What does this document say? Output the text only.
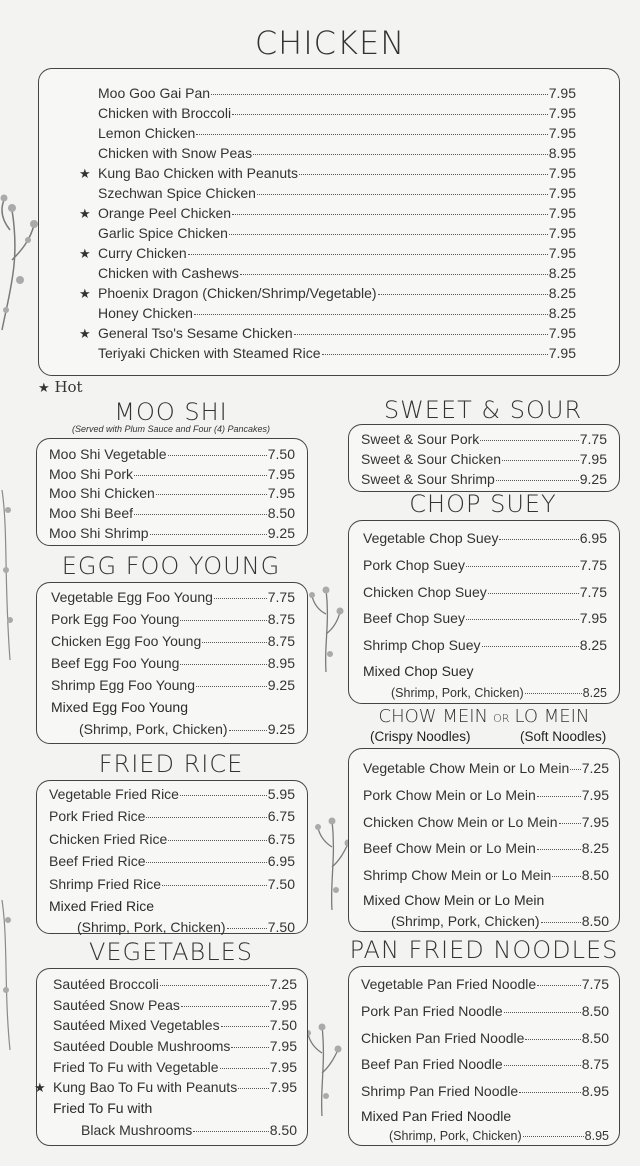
CHICKEN
Moo Goo Gai Pan	7.95
Chicken with Broccoli	7.95
Lemon Chicken	7.95
Chicken with Snow Peas	8.95
★ Kung Bao Chicken with Peanuts	7.95
Szechwan Spice Chicken	7.95
★ Orange Peel Chicken	7.95
Garlic Spice Chicken	7.95
★ Curry Chicken	7.95
Chicken with Cashews	8.25
★ Phoenix Dragon (Chicken/Shrimp/Vegetable)	8.25
Honey Chicken	8.25
★ General Tso's Sesame Chicken	7.95
Teriyaki Chicken with Steamed Rice	7.95
★ Hot
MOO SHI
(Served with Plum Sauce and Four (4) Pancakes)
Moo Shi Vegetable	7.50
Moo Shi Pork	7.95
Moo Shi Chicken	7.95
Moo Shi Beef	8.50
Moo Shi Shrimp	9.25
SWEET & SOUR
Sweet & Sour Pork	7.75
Sweet & Sour Chicken	7.95
Sweet & Sour Shrimp	9.25
CHOP SUEY
Vegetable Chop Suey	6.95
Pork Chop Suey	7.75
Chicken Chop Suey	7.75
Beef Chop Suey	7.95
Shrimp Chop Suey	8.25
Mixed Chop Suey
(Shrimp, Pork, Chicken)	8.25
EGG FOO YOUNG
Vegetable Egg Foo Young	7.75
Pork Egg Foo Young	8.75
Chicken Egg Foo Young	8.75
Beef Egg Foo Young	8.95
Shrimp Egg Foo Young	9.25
Mixed Egg Foo Young
(Shrimp, Pork, Chicken)	9.25
CHOW MEIN OR LO MEIN
(Crispy Noodles)	(Soft Noodles)
Vegetable Chow Mein or Lo Mein 7.25
Pork Chow Mein or Lo Mein	7.95
Chicken Chow Mein or Lo Mein 7.95
Beef Chow Mein or Lo Mein	8.25
Shrimp Chow Mein or Lo Mein 8.50
Mixed Chow Mein or Lo Mein
(Shrimp, Pork, Chicken)	8.50
FRIED RICE
Vegetable Fried Rice	5.95
Pork Fried Rice	6.75
Chicken Fried Rice	6.75
Beef Fried Rice	6.95
Shrimp Fried Rice	7.50
Mixed Fried Rice
(Shrimp, Pork, Chicken)	7.50
VEGETABLES
Sautéed Broccoli	7.25
Sautéed Snow Peas	7.95
Sautéed Mixed Vegetables	7.50
Sautéed Double Mushrooms	7.95
Fried To Fu with Vegetable	7.95
★ Kung Bao To Fu with Peanuts 7.95
Fried To Fu with
Black Mushrooms	8.50
PAN FRIED NOODLES
Vegetable Pan Fried Noodle	7.75
Pork Pan Fried Noodle	8.50
Chicken Pan Fried Noodle	8.50
Beef Pan Fried Noodle	8.75
Shrimp Pan Fried Noodle	8.95
Mixed Pan Fried Noodle
(Shrimp, Pork, Chicken)	8.95
